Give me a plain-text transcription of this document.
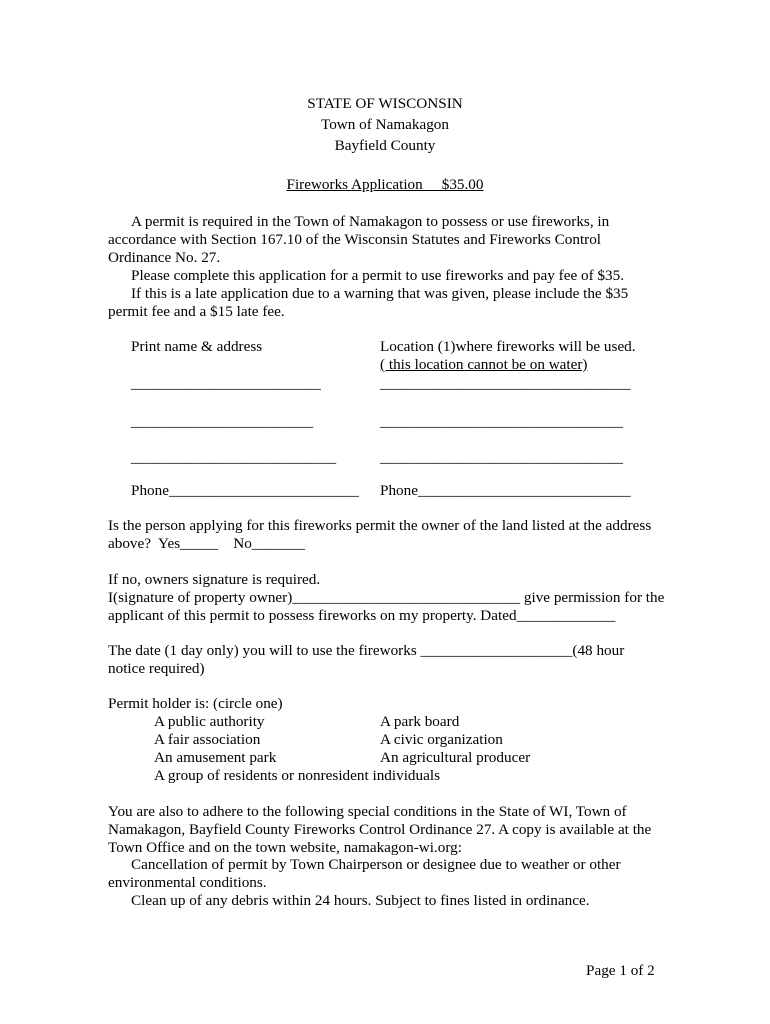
STATE OF WISCONSIN
Town of Namakagon
Bayfield County
Fireworks Application     $35.00
A permit is required in the Town of Namakagon to possess or use fireworks, in
accordance with Section 167.10 of the Wisconsin Statutes and Fireworks Control
Ordinance No. 27.
Please complete this application for a permit to use fireworks and pay fee of $35.
If this is a late application due to a warning that was given, please include the $35
permit fee and a $15 late fee.
Print name & address	Location (1)where fireworks will be used.
( this location cannot be on water)
_________________________	_________________________________
________________________	________________________________
___________________________	________________________________
Phone_________________________ Phone____________________________
Is the person applying for this fireworks permit the owner of the land listed at the address
above?  Yes_____    No_______
If no, owners signature is required.
I(signature of property owner)______________________________ give permission for the
applicant of this permit to possess fireworks on my property. Dated_____________
The date (1 day only) you will to use the fireworks ____________________(48 hour
notice required)
Permit holder is: (circle one)
A public authority	A park board
A fair association	A civic organization
An amusement park	An agricultural producer
A group of residents or nonresident individuals
You are also to adhere to the following special conditions in the State of WI, Town of
Namakagon, Bayfield County Fireworks Control Ordinance 27. A copy is available at the
Town Office and on the town website, namakagon-wi.org:
Cancellation of permit by Town Chairperson or designee due to weather or other
environmental conditions.
Clean up of any debris within 24 hours. Subject to fines listed in ordinance.
Page 1 of 2
